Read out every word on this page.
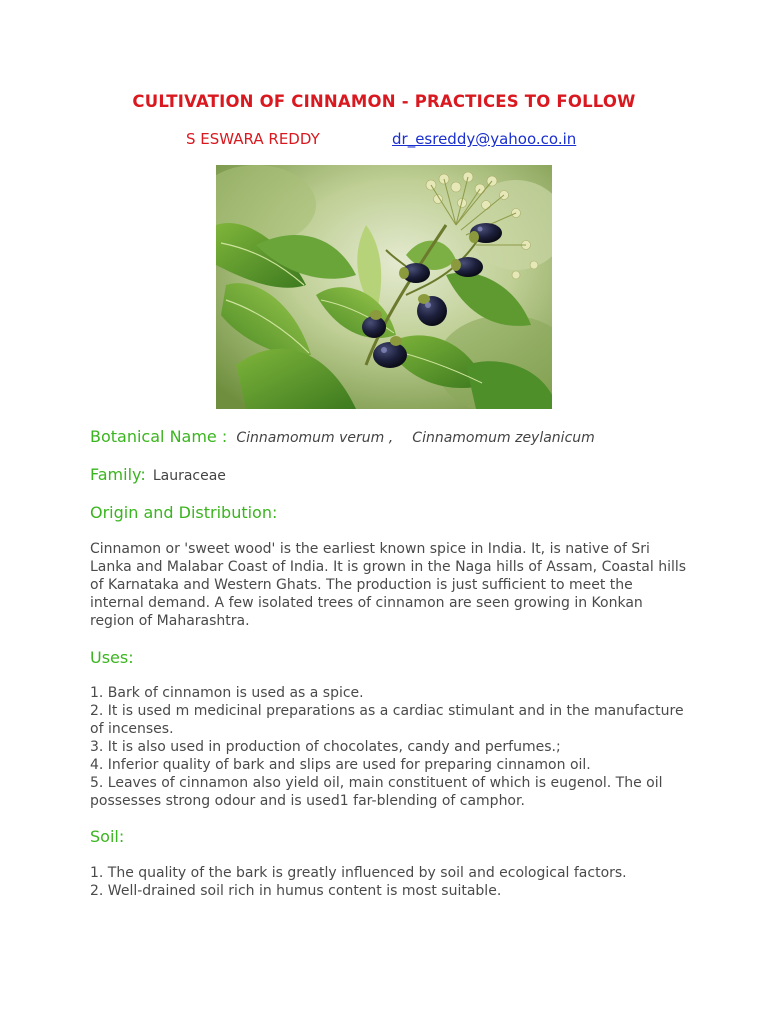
CULTIVATION OF CINNAMON - PRACTICES TO FOLLOW
S ESWARA REDDY	dr_esreddy@yahoo.co.in
Botanical Name : Cinnamomum verum , Cinnamomum zeylanicum
Family: Lauraceae
Origin and Distribution:

Cinnamon or 'sweet wood' is the earliest known spice in India. It, is native of Sri Lanka and Malabar Coast of India. It is grown in the Naga hills of Assam, Coastal hills of Karnataka and Western Ghats. The production is just sufficient to meet the internal demand. A few isolated trees of cinnamon are seen growing in Konkan region of Maharashtra.

Uses:
1. Bark of cinnamon is used as a spice.
2. It is used m medicinal preparations as a cardiac stimulant and in the manufacture of incenses.
3. It is also used in production of chocolates, candy and perfumes.;
4. Inferior quality of bark and slips are used for preparing cinnamon oil.
5. Leaves of cinnamon also yield oil, main constituent of which is eugenol. The oil possesses strong odour and is used1 far-blending of camphor.
Soil:
1. The quality of the bark is greatly influenced by soil and ecological factors.
2. Well-drained soil rich in humus content is most suitable.
